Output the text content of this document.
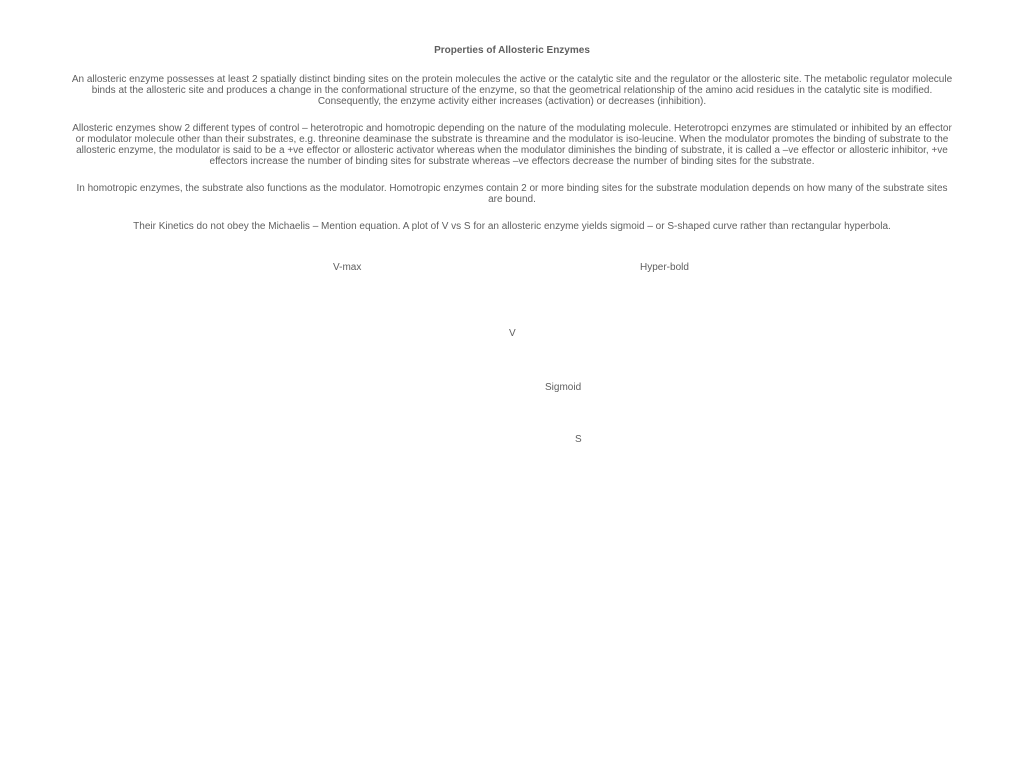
Properties of Allosteric Enzymes

An allosteric enzyme possesses at least 2 spatially distinct binding sites on the protein molecules the active or the catalytic site and the regulator or the allosteric site. The metabolic regulator molecule binds at the allosteric site and produces a change in the conformational structure of the enzyme, so that the geometrical relationship of the amino acid residues in the catalytic site is modified. Consequently, the enzyme activity either increases (activation) or decreases (inhibition).

Allosteric enzymes show 2 different types of control – heterotropic and homotropic depending on the nature of the modulating molecule. Heterotropci enzymes are stimulated or inhibited by an effector or modulator molecule other than their substrates, e.g. threonine deaminase the substrate is threamine and the modulator is iso-leucine. When the modulator promotes the binding of substrate to the allosteric enzyme, the modulator is said to be a +ve effector or allosteric activator whereas when the modulator diminishes the binding of substrate, it is called a –ve effector or allosteric inhibitor, +ve effectors increase the number of binding sites for substrate whereas –ve effectors decrease the number of binding sites for the substrate.

In homotropic enzymes, the substrate also functions as the modulator. Homotropic enzymes contain 2 or more binding sites for the substrate modulation depends on how many of the substrate sites are bound.

Their Kinetics do not obey the Michaelis – Mention equation. A plot of V vs S for an allosteric enzyme yields sigmoid – or S-shaped curve rather than rectangular hyperbola.

V-max	Hyper-bold
V
Sigmoid
S
